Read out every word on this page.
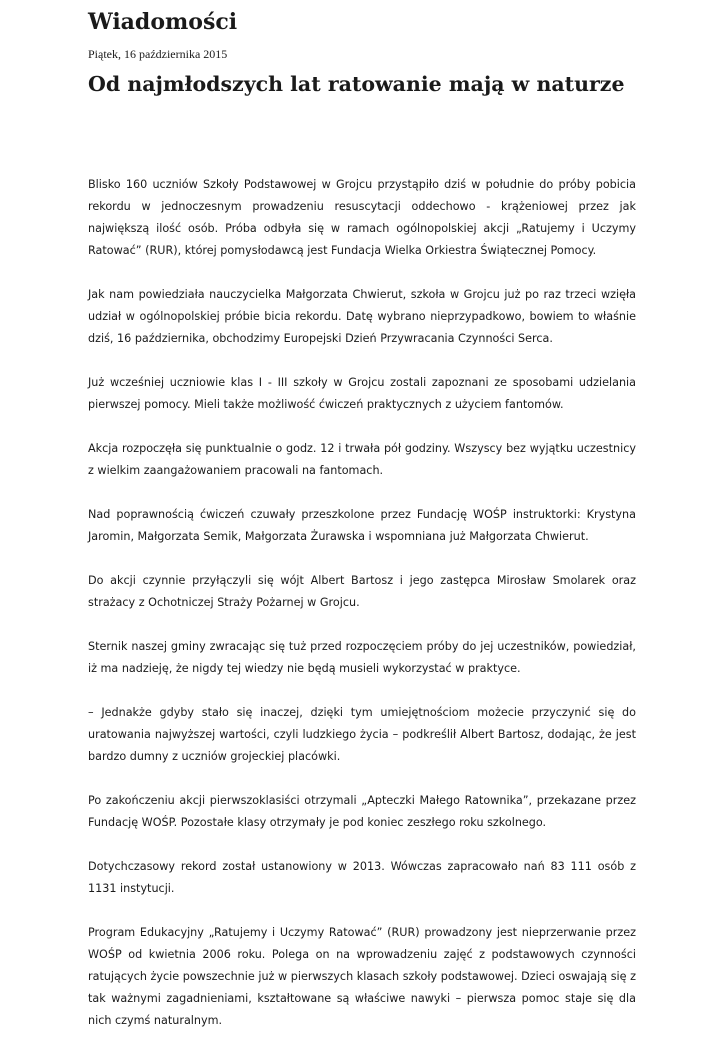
Wiadomości
Piątek, 16 października 2015
Od najmłodszych lat ratowanie mają w naturze

Blisko 160 uczniów Szkoły Podstawowej w Grojcu przystąpiło dziś w południe do próby pobicia rekordu w jednoczesnym prowadzeniu resuscytacji oddechowo - krążeniowej przez jak największą ilość osób. Próba odbyła się w ramach ogólnopolskiej akcji „Ratujemy i Uczymy Ratować” (RUR), której pomysłodawcą jest Fundacja Wielka Orkiestra Świątecznej Pomocy.

Jak nam powiedziała nauczycielka Małgorzata Chwierut, szkoła w Grojcu już po raz trzeci wzięła udział w ogólnopolskiej próbie bicia rekordu. Datę wybrano nieprzypadkowo, bowiem to właśnie dziś, 16 października, obchodzimy Europejski Dzień Przywracania Czynności Serca.

Już wcześniej uczniowie klas I - III szkoły w Grojcu zostali zapoznani ze sposobami udzielania pierwszej pomocy. Mieli także możliwość ćwiczeń praktycznych z użyciem fantomów.

Akcja rozpoczęła się punktualnie o godz. 12 i trwała pół godziny. Wszyscy bez wyjątku uczestnicy z wielkim zaangażowaniem pracowali na fantomach.

Nad poprawnością ćwiczeń czuwały przeszkolone przez Fundację WOŚP instruktorki: Krystyna Jaromin, Małgorzata Semik, Małgorzata Żurawska i wspomniana już Małgorzata Chwierut.

Do akcji czynnie przyłączyli się wójt Albert Bartosz i jego zastępca Mirosław Smolarek oraz strażacy z Ochotniczej Straży Pożarnej w Grojcu.

Sternik naszej gminy zwracając się tuż przed rozpoczęciem próby do jej uczestników, powiedział, iż ma nadzieję, że nigdy tej wiedzy nie będą musieli wykorzystać w praktyce.

– Jednakże gdyby stało się inaczej, dzięki tym umiejętnościom możecie przyczynić się do uratowania najwyższej wartości, czyli ludzkiego życia – podkreślił Albert Bartosz, dodając, że jest bardzo dumny z uczniów grojeckiej placówki.

Po zakończeniu akcji pierwszoklasiści otrzymali „Apteczki Małego Ratownika”, przekazane przez Fundację WOŚP. Pozostałe klasy otrzymały je pod koniec zeszłego roku szkolnego.

Dotychczasowy rekord został ustanowiony w 2013. Wówczas zapracowało nań 83 111 osób z 1131 instytucji.

Program Edukacyjny „Ratujemy i Uczymy Ratować” (RUR) prowadzony jest nieprzerwanie przez WOŚP od kwietnia 2006 roku. Polega on na wprowadzeniu zajęć z podstawowych czynności ratujących życie powszechnie już w pierwszych klasach szkoły podstawowej. Dzieci oswajają się z tak ważnymi zagadnieniami, kształtowane są właściwe nawyki – pierwsza pomoc staje się dla nich czymś naturalnym.
